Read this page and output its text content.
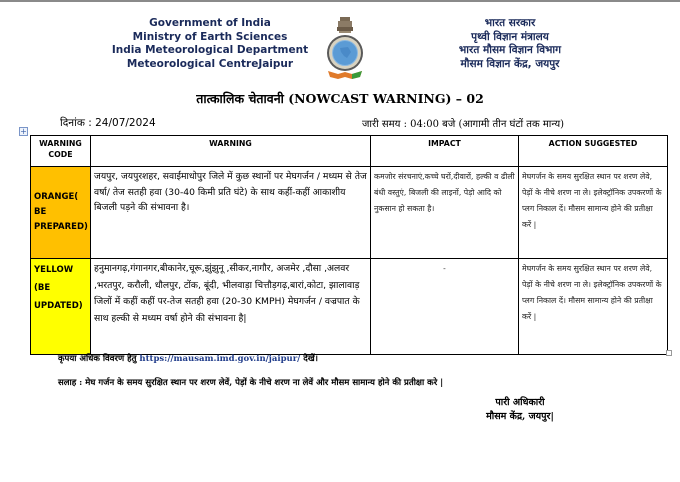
Government of India
Ministry of Earth Sciences
India Meteorological Department
Meteorological CentreJaipur
भारत सरकार
पृथ्वी विज्ञान मंत्रालय
भारत मौसम विज्ञान विभाग
मौसम विज्ञान केंद्र, जयपुर
तात्कालिक चेतावनी (NOWCAST WARNING) – 02
दिनांक : 24/07/2024	जारी समय : 04:00 बजे (आगामी तीन घंटों तक मान्य)
+
WARNING CODE	WARNING	IMPACT	ACTION SUGGESTED

ORANGE(
BE
PREPARED)	जयपुर, जयपुरशहर, सवाईमाधोपुर जिले में कुछ स्थानों पर मेघगर्जन / मध्यम से तेज वर्षा/ तेज सतही हवा (30-40 किमी प्रति घंटे) के साथ कहीं-कहीं आकाशीय बिजली पड़ने की संभावना है।	कमजोर संरचनाएं,कच्चे घरों,दीवारों, हल्की व ढीली बंधी वस्तुएं, बिजली की लाइनों, पेड़ो आदि को नुकसान हो सकता है।	मेघगर्जन के समय सुरक्षित स्थान पर शरण लेवे, पेड़ों के नीचे शरण ना ले। इलेक्ट्रॉनिक उपकरणों के प्लग निकाल दें। मौसम सामान्य होने की प्रतीक्षा करें |

YELLOW
(BE
UPDATED)
	हनुमानगढ़,गंगानगर,बीकानेर,चूरू,झुंझुनू ,सीकर,नागौर, अजमेर ,दौसा ,अलवर ,भरतपुर, करौली, धौलपुर, टोंक, बूंदी, भीलवाड़ा चित्तौड़गढ़,बारां,कोटा, झालावाड़ जिलों में कहीं कहीं पर-तेज सतही हवा (20-30 KMPH) मेघगर्जन / वज्रपात के साथ हल्की से मध्यम वर्षा होने की संभावना है|	-	मेघगर्जन के समय सुरक्षित स्थान पर शरण लेवे, पेड़ों के नीचे शरण ना ले। इलेक्ट्रॉनिक उपकरणों के प्लग निकाल दें। मौसम सामान्य होने की प्रतीक्षा करें |
कृपया अधिक विवरण हेतु https://mausam.imd.gov.in/jaipur/ देखें।
सलाह : मेघ गर्जन के समय सुरक्षित स्थान पर शरण लेवें, पेड़ों के नीचे शरण ना लेवें और मौसम सामान्य होने की प्रतीक्षा करे |
पारी अधिकारी
मौसम केंद्र, जयपुर|
